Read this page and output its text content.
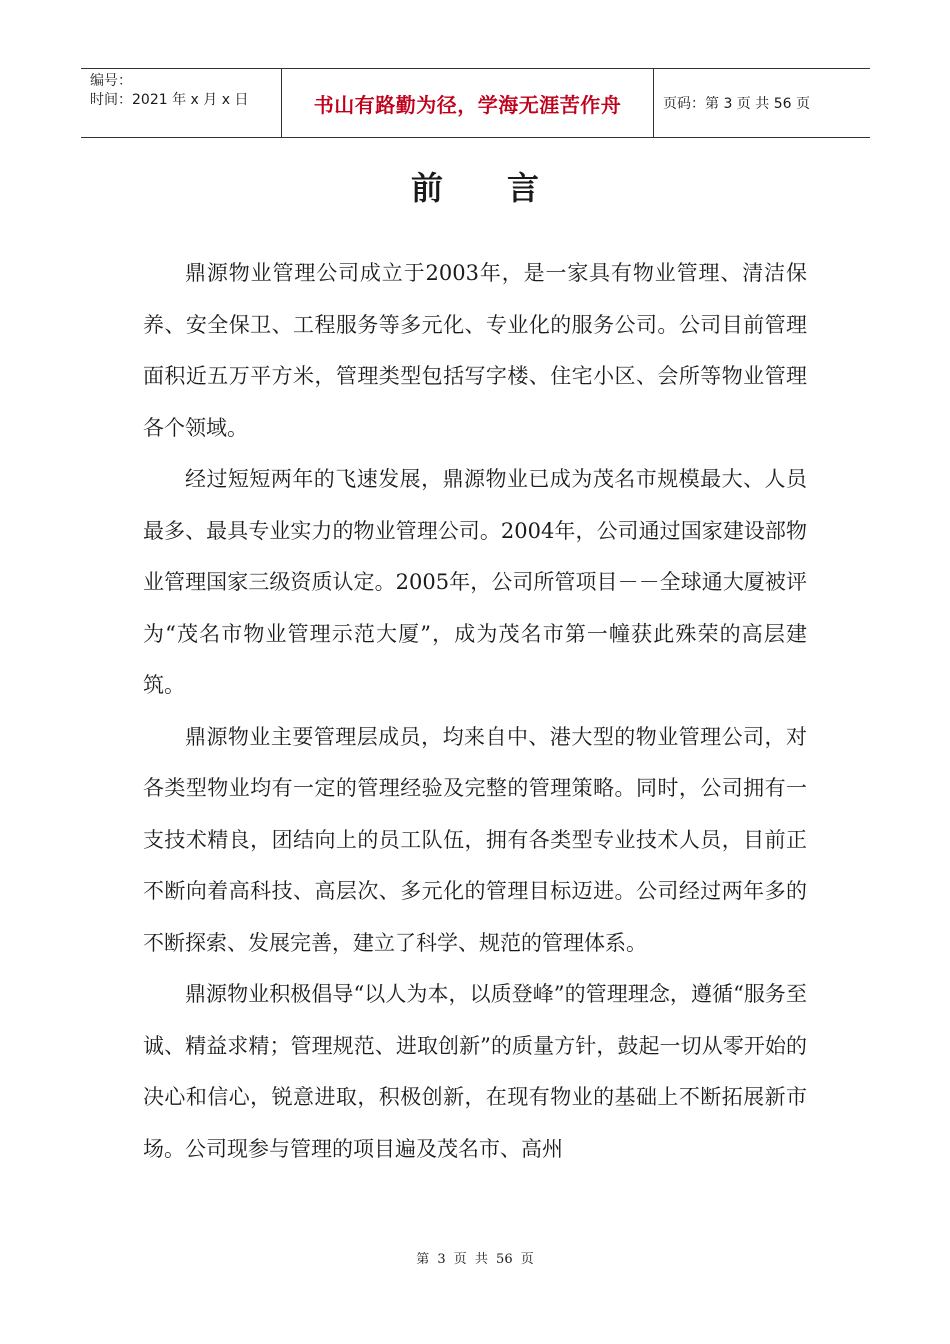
编号：
时间：2021 年 x 月 x 日	书山有路勤为径，学海无涯苦作舟	页码：第 3 页 共 56 页
前言

鼎源物业管理公司成立于2003年，是一家具有物业管理、清洁保养、安全保卫、工程服务等多元化、专业化的服务公司。公司目前管理面积近五万平方米，管理类型包括写字楼、住宅小区、会所等物业管理各个领域。

经过短短两年的飞速发展，鼎源物业已成为茂名市规模最大、人员最多、最具专业实力的物业管理公司。2004年，公司通过国家建设部物业管理国家三级资质认定。2005年，公司所管项目－－全球通大厦被评为“茂名市物业管理示范大厦”，成为茂名市第一幢获此殊荣的高层建筑。

鼎源物业主要管理层成员，均来自中、港大型的物业管理公司，对各类型物业均有一定的管理经验及完整的管理策略。同时，公司拥有一支技术精良，团结向上的员工队伍，拥有各类型专业技术人员，目前正不断向着高科技、高层次、多元化的管理目标迈进。公司经过两年多的不断探索、发展完善，建立了科学、规范的管理体系。

鼎源物业积极倡导“以人为本，以质登峰”的管理理念，遵循“服务至诚、精益求精；管理规范、进取创新”的质量方针，鼓起一切从零开始的决心和信心，锐意进取，积极创新，在现有物业的基础上不断拓展新市场。公司现参与管理的项目遍及茂名市、高州

第 3 页 共 56 页
